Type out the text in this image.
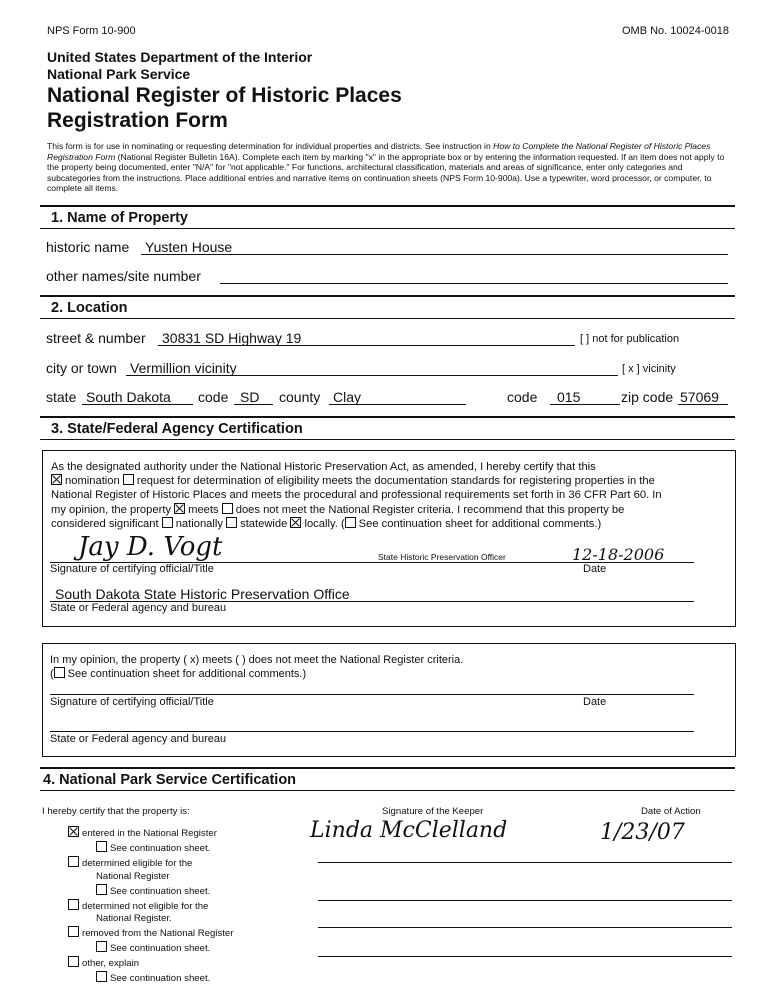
NPS Form 10-900	OMB No. 10024-0018
United States Department of the Interior
National Park Service
National Register of Historic Places
Registration Form
This form is for use in nominating or requesting determination for individual properties and districts. See instruction in How to Complete the National Register of Historic Places Registration Form (National Register Bulletin 16A). Complete each item by marking "x" in the appropriate box or by entering the information requested. If an item does not apply to the property being documented, enter "N/A" for "not applicable." For functions, architectural classification, materials and areas of significance, enter only categories and subcategories from the instructions. Place additional entries and narrative items on continuation sheets (NPS Form 10-900a). Use a typewriter, word processor, or computer, to complete all items.
1. Name of Property
historic name Yusten House
other names/site number
2. Location
street & number 30831 SD Highway 19	[ ] not for publication
city or town Vermillion vicinity	[ x ] vicinity
state South Dakota code SD county Clay	code 015	zip code 57069
3. State/Federal Agency Certification
As the designated authority under the National Historic Preservation Act, as amended, I hereby certify that this
nomination request for determination of eligibility meets the documentation standards for registering properties in the
National Register of Historic Places and meets the procedural and professional requirements set forth in 36 CFR Part 60. In
my opinion, the property meets does not meet the National Register criteria. I recommend that this property be
considered significant nationally statewide locally. ( See continuation sheet for additional comments.)
Jay D. Vogt	State Historic Preservation Officer	12-18-2006
Signature of certifying official/Title	Date
South Dakota State Historic Preservation Office
State or Federal agency and bureau
In my opinion, the property ( x) meets ( ) does not meet the National Register criteria.
( See continuation sheet for additional comments.)
Signature of certifying official/Title	Date
State or Federal agency and bureau
4. National Park Service Certification
I hereby certify that the property is:	Signature of the Keeper	Date of Action
Linda McClelland	1/23/07
entered in the National Register
See continuation sheet.
determined eligible for the
National Register
See continuation sheet.
determined not eligible for the
National Register.
removed from the National Register
See continuation sheet.
other, explain
See continuation sheet.
